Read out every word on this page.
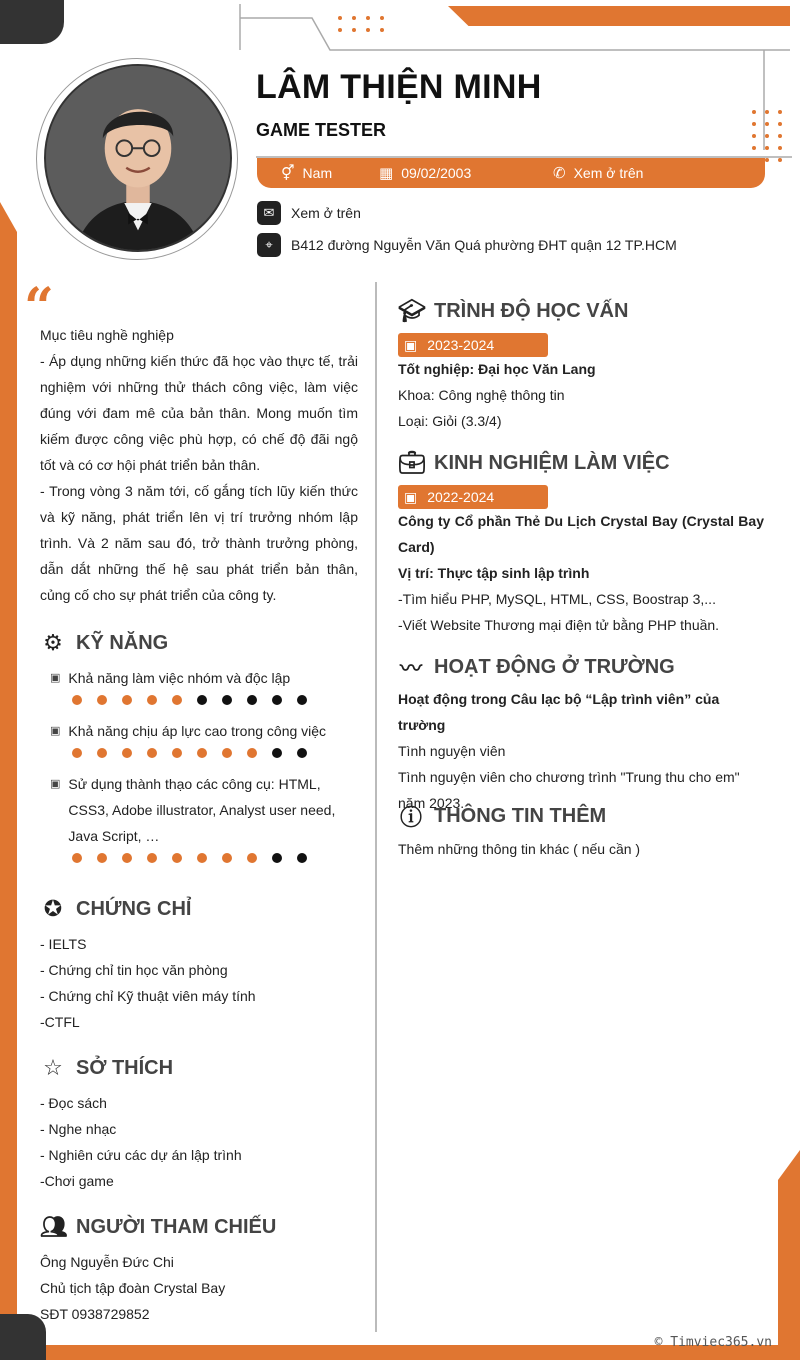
LÂM THIỆN MINH
GAME TESTER
⚥ Nam	▦ 09/02/2003	✆ Xem ở trên
✉	Xem ở trên
⌖	B412 đường Nguyễn Văn Quá phường ĐHT quận 12 TP.HCM
“
Mục tiêu nghề nghiệp
- Áp dụng những kiến thức đã học vào thực tế, trải nghiệm với những thử thách công việc, làm việc đúng với đam mê của bản thân. Mong muốn tìm kiếm được công việc phù hợp, có chế độ đãi ngộ tốt và có cơ hội phát triển bản thân.
- Trong vòng 3 năm tới, cố gắng tích lũy kiến thức và kỹ năng, phát triển lên vị trí trưởng nhóm lập trình. Và 2 năm sau đó, trở thành trưởng phòng, dẫn dắt những thế hệ sau phát triển bản thân, củng cố cho sự phát triển của công ty.
⚙ KỸ NĂNG
▣ Khả năng làm việc nhóm và độc lập
▣ Khả năng chịu áp lực cao trong công việc
▣ Sử dụng thành thạo các công cụ: HTML, CSS3, Adobe illustrator, Analyst user need, Java Script, …
✪ CHỨNG CHỈ
- IELTS
- Chứng chỉ tin học văn phòng
- Chứng chỉ Kỹ thuật viên máy tính
-CTFL
☆ SỞ THÍCH
- Đọc sách
- Nghe nhạc
- Nghiên cứu các dự án lập trình
-Chơi game
👥︎ NGƯỜI THAM CHIẾU
Ông Nguyễn Đức Chi
Chủ tịch tập đoàn Crystal Bay
SĐT 0938729852
🎓︎ TRÌNH ĐỘ HỌC VẤN
▣ 2023-2024
Tốt nghiệp: Đại học Văn Lang
Khoa: Công nghệ thông tin
Loại: Giỏi (3.3/4)
💼︎ KINH NGHIỆM LÀM VIỆC
▣ 2022-2024
Công ty Cổ phần Thẻ Du Lịch Crystal Bay (Crystal Bay Card)
Vị trí: Thực tập sinh lập trình
-Tìm hiểu PHP, MySQL, HTML, CSS, Boostrap 3,...
-Viết Website Thương mại điện tử bằng PHP thuần.
〰 HOẠT ĐỘNG Ở TRƯỜNG
Hoạt động trong Câu lạc bộ “Lập trình viên” của trường
Tình nguyện viên
Tình nguyện viên cho chương trình "Trung thu cho em" năm 2023.
ⓘ THÔNG TIN THÊM
Thêm những thông tin khác ( nếu cần )
© Timviec365.vn
